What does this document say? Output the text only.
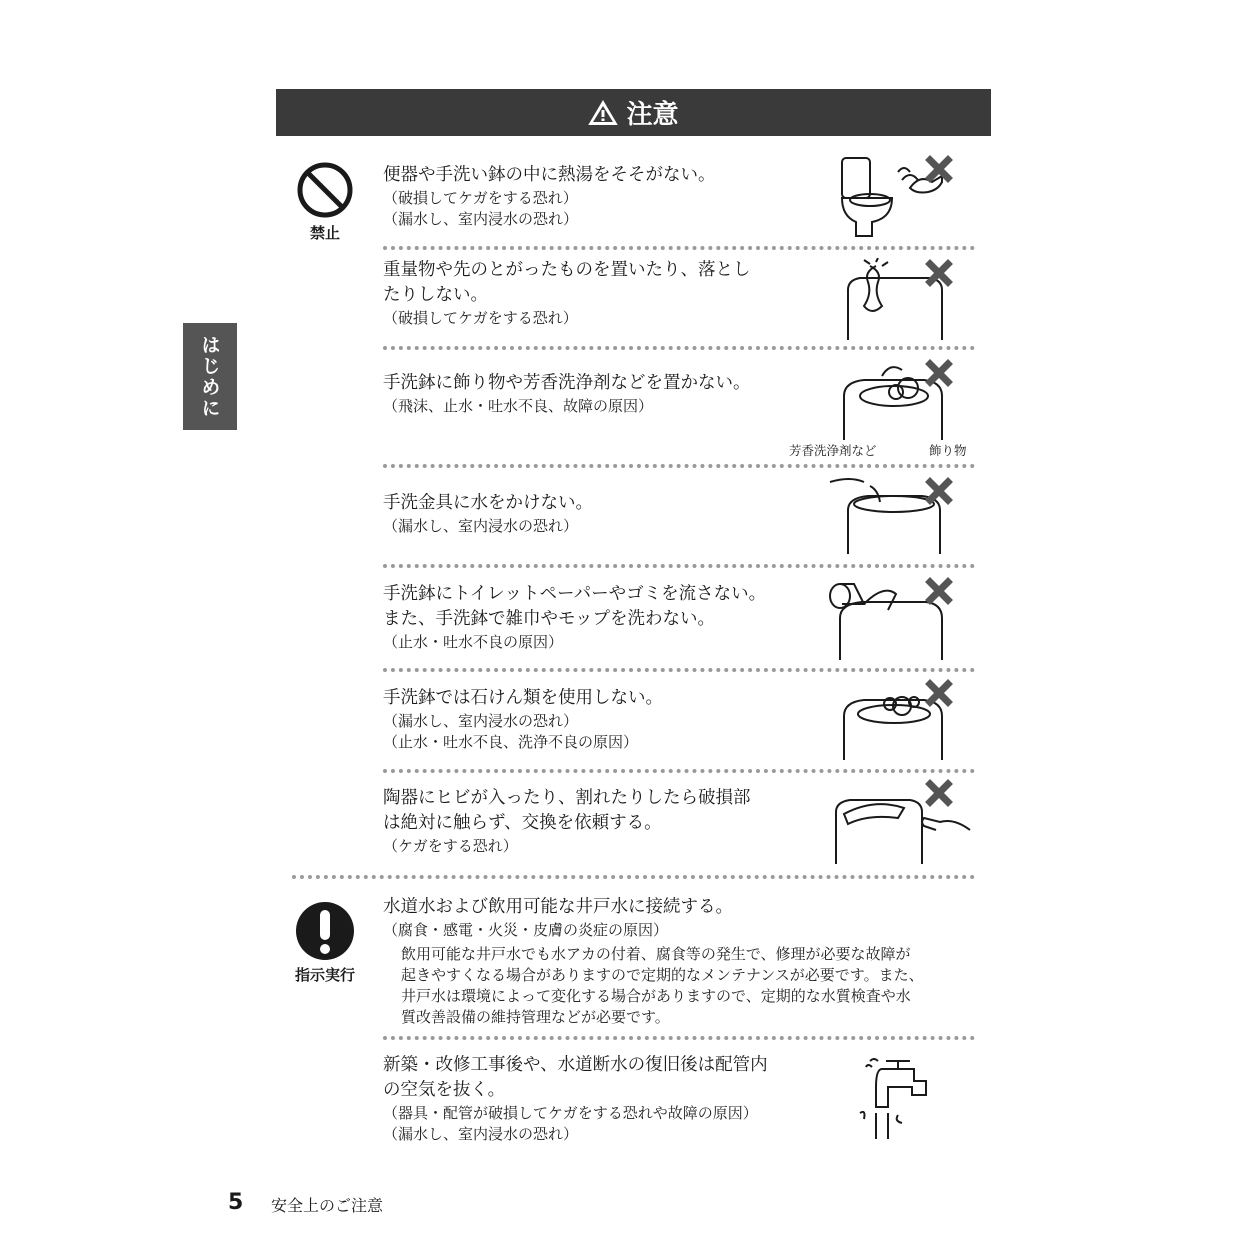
注意
はじめに
禁止
指示実行

便器や手洗い鉢の中に熱湯をそそがない。

（破損してケガをする恐れ）

（漏水し、室内浸水の恐れ）

重量物や先のとがったものを置いたり、落とし

たりしない。

（破損してケガをする恐れ）

手洗鉢に飾り物や芳香洗浄剤などを置かない。

（飛沫、止水・吐水不良、故障の原因）

芳香洗浄剤など	飾り物

手洗金具に水をかけない。

（漏水し、室内浸水の恐れ）

手洗鉢にトイレットペーパーやゴミを流さない。

また、手洗鉢で雑巾やモップを洗わない。

（止水・吐水不良の原因）

手洗鉢では石けん類を使用しない。

（漏水し、室内浸水の恐れ）

（止水・吐水不良、洗浄不良の原因）

陶器にヒビが入ったり、割れたりしたら破損部

は絶対に触らず、交換を依頼する。

（ケガをする恐れ）

水道水および飲用可能な井戸水に接続する。

（腐食・感電・火災・皮膚の炎症の原因）

飲用可能な井戸水でも水アカの付着、腐食等の発生で、修理が必要な故障が
起きやすくなる場合がありますので定期的なメンテナンスが必要です。また、
井戸水は環境によって変化する場合がありますので、定期的な水質検査や水
質改善設備の維持管理などが必要です。

新築・改修工事後や、水道断水の復旧後は配管内

の空気を抜く。

（器具・配管が破損してケガをする恐れや故障の原因）

（漏水し、室内浸水の恐れ）

5 安全上のご注意
